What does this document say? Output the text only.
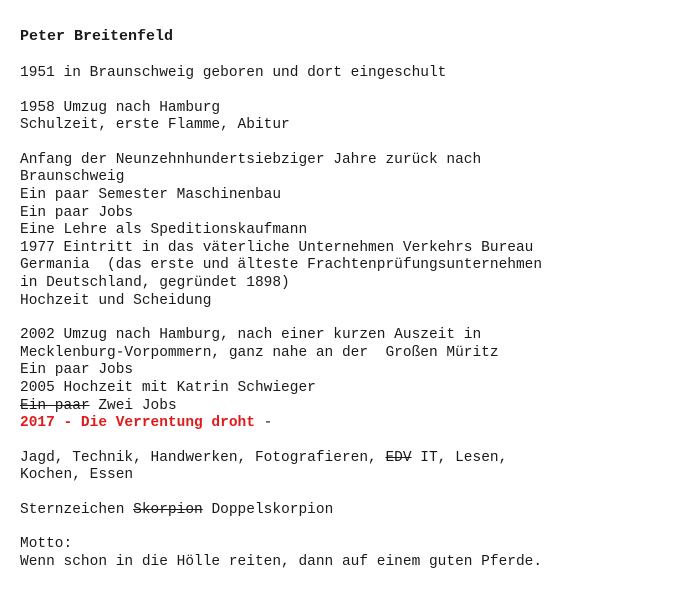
Peter Breitenfeld
1951 in Braunschweig geboren und dort eingeschult
1958 Umzug nach Hamburg
Schulzeit, erste Flamme, Abitur
Anfang der Neunzehnhundertsiebziger Jahre zurück nach
Braunschweig
Ein paar Semester Maschinenbau
Ein paar Jobs
Eine Lehre als Speditionskaufmann
1977 Eintritt in das väterliche Unternehmen Verkehrs Bureau
Germania  (das erste und älteste Frachtenprüfungsunternehmen
in Deutschland, gegründet 1898)
Hochzeit und Scheidung
2002 Umzug nach Hamburg, nach einer kurzen Auszeit in
Mecklenburg-Vorpommern, ganz nahe an der  Großen Müritz
Ein paar Jobs
2005 Hochzeit mit Katrin Schwieger
Ein paar Zwei Jobs
2017 - Die Verrentung droht -
Jagd, Technik, Handwerken, Fotografieren, EDV IT, Lesen,
Kochen, Essen
Sternzeichen Skorpion Doppelskorpion
Motto:
Wenn schon in die Hölle reiten, dann auf einem guten Pferde.
